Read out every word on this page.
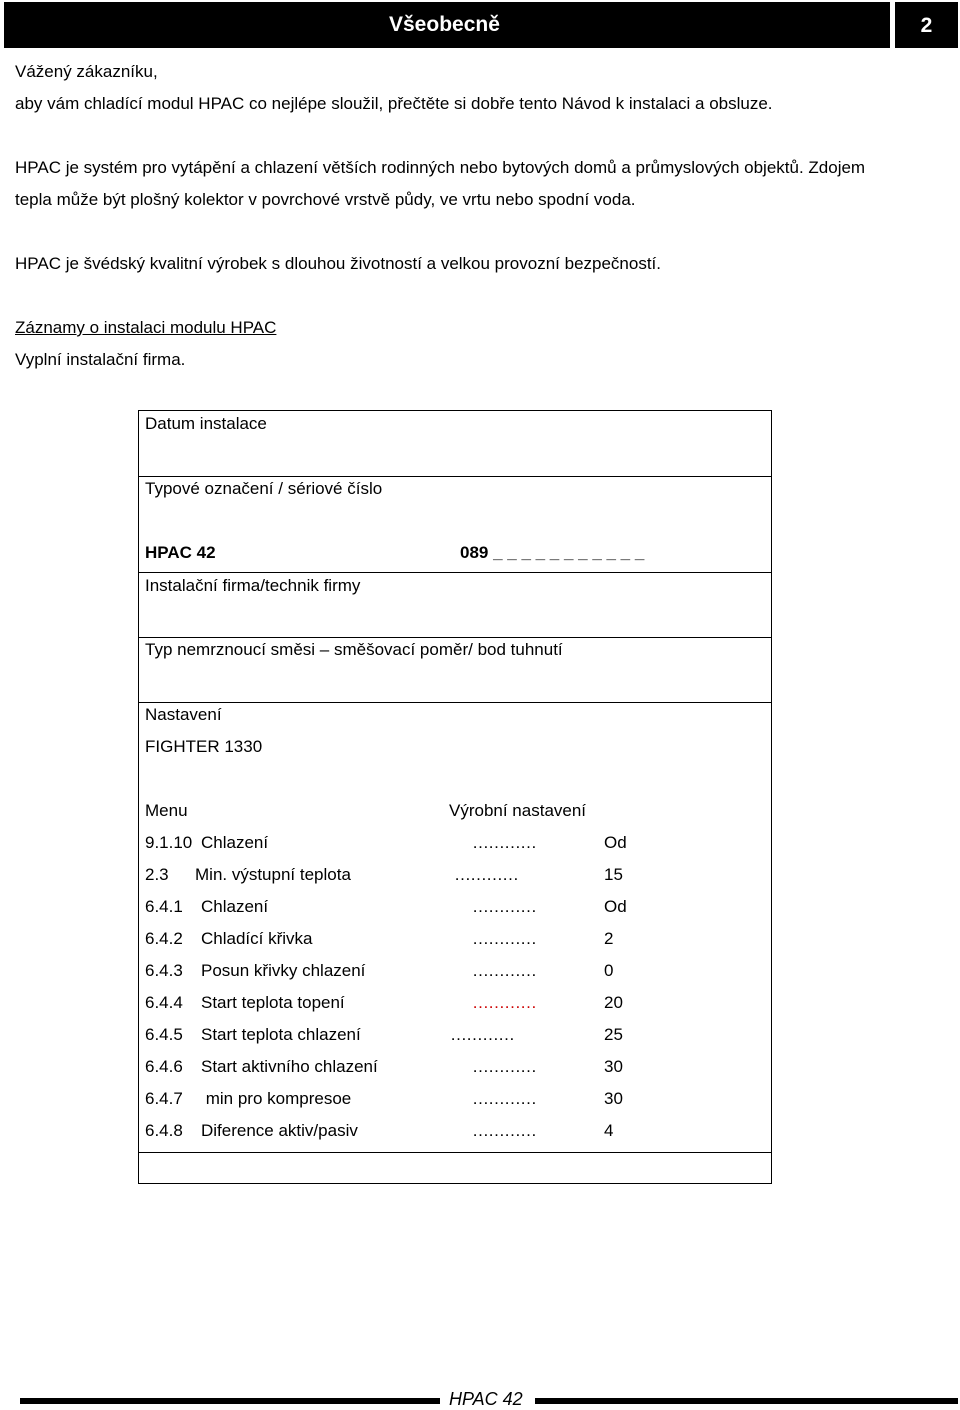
Všeobecně	2
Vážený zákazníku,
aby vám chladící modul HPAC co nejlépe sloužil, přečtěte si dobře tento Návod k instalaci a obsluze.
HPAC je systém pro vytápění a chlazení větších rodinných nebo bytových domů a průmyslových objektů. Zdojem
tepla může být plošný kolektor v povrchové vrstvě půdy, ve vrtu nebo spodní voda.
HPAC je švédský kvalitní výrobek s dlouhou životností a velkou provozní bezpečností.
Záznamy o instalaci modulu HPAC
Vyplní instalační firma.
Datum instalace
Typové označení / sériové číslo
HPAC 42	089 _ _ _ _ _ _ _ _ _ _ _
Instalační firma/technik firmy
Typ nemrznoucí směsi – směšovací poměr/ bod tuhnutí
Nastavení
FIGHTER 1330
Menu	Výrobní nastavení
9.1.10 Chlazení	…………	Od
2.3 Min. výstupní teplota	…………	15
6.4.1 Chlazení	…………	Od
6.4.2 Chladící křivka	…………	2
6.4.3 Posun křivky chlazení	…………	0
6.4.4 Start teplota topení	…………	20
6.4.5 Start teplota chlazení	…………	25
6.4.6 Start aktivního chlazení	…………	30
6.4.7 min pro kompresoe	…………	30
6.4.8 Diference aktiv/pasiv	…………	4
HPAC 42
